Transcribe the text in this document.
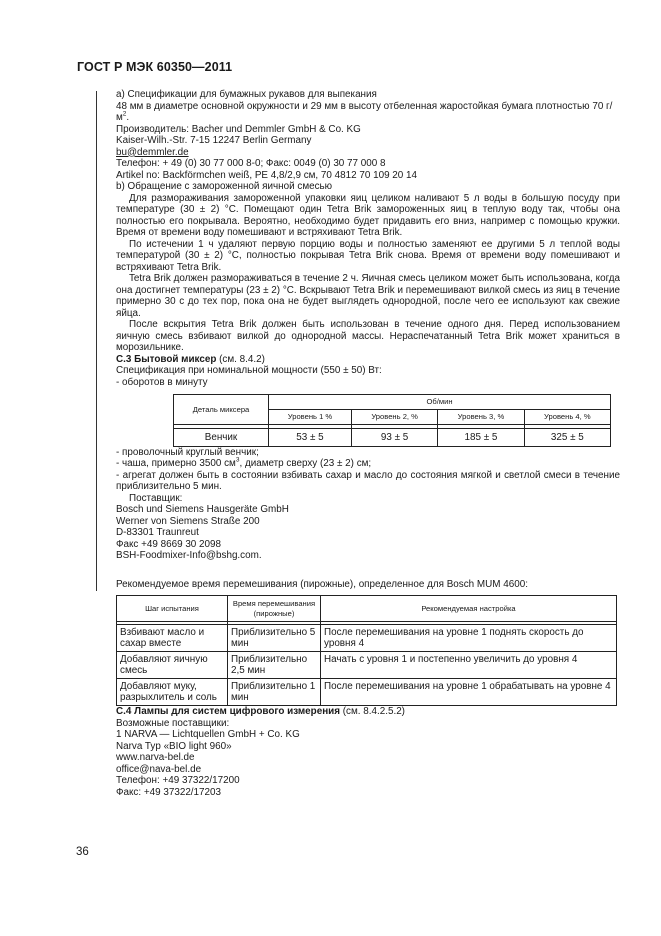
ГОСТ Р МЭК 60350—2011

а) Спецификации для бумажных рукавов для выпекания

48 мм в диаметре основной окружности и 29 мм в высоту отбеленная жаростойкая бумага плотностью 70 $г/м^2$.

Производитель: Bacher und Demmler GmbH & Co. KG

Kaiser-Wilh.-Str. 7-15 12247 Berlin Germany

bu@demmler.de

Телефон: + 49 (0) 30 77 000 8-0; Факс: 0049 (0) 30 77 000 8

Artikel no: Backförmchen weiß, PE 4,8/2,9 см, 70 4812 70 109 20 14

b) Обращение с замороженной яичной смесью

Для размораживания замороженной упаковки яиц целиком наливают 5 л воды в большую посуду при температуре (30 ± 2) °С. Помещают один Tetra Brik замороженных яиц в теплую воду так, чтобы она полностью его покрывала. Вероятно, необходимо будет придавить его вниз, например с помощью кружки. Время от времени воду помешивают и встряхивают Tetra Brik.

По истечении 1 ч удаляют первую порцию воды и полностью заменяют ее другими 5 л теплой воды температурой (30 ± 2) °С, полностью покрывая Tetra Brik снова. Время от времени воду помешивают и встряхивают Tetra Brik.

Tetra Brik должен размораживаться в течение 2 ч. Яичная смесь целиком может быть использована, когда она достигнет температуры (23 ± 2) °С. Вскрывают Tetra Brik и перемешивают вилкой смесь из яиц в течение примерно 30 с до тех пор, пока она не будет выглядеть однородной, после чего ее используют как свежие яйца.

После вскрытия Tetra Brik должен быть использован в течение одного дня. Перед использованием яичную смесь взбивают вилкой до однородной массы. Нераспечатанный Tetra Brik может храниться в морозильнике.

С.3 Бытовой миксер (см. 8.4.2)

Спецификация при номинальной мощности (550 ± 50) Вт:

- оборотов в минуту

Деталь миксера	Об/мин			
	Уровень 1 %	Уровень 2, %	Уровень 3, %	Уровень 4, %

Венчик	53 ± 5	93 ± 5	185 ± 5	325 ± 5

- проволочный круглый венчик;

- чаша, примерно 3500 $см^3$, диаметр сверху (23 ± 2) см;

- агрегат должен быть в состоянии взбивать сахар и масло до состояния мягкой и светлой смеси в течение приблизительно 5 мин.

Поставщик:

Bosch und Siemens Hausgeräte GmbH

Werner von Siemens Straße 200

D-83301 Traunreut

Факс +49 8669 30 2098

BSH-Foodmixer-Info@bshg.com.

Рекомендуемое время перемешивания (пирожные), определенное для Bosch MUM 4600:

Шаг испытания	Время перемешивания (пирожные)	Рекомендуемая настройка

Взбивают масло и сахар вместе	Приблизительно 5 мин	После перемешивания на уровне 1 поднять скорость до уровня 4
Добавляют яичную смесь	Приблизительно 2,5 мин	Начать с уровня 1 и постепенно увеличить до уровня 4
Добавляют муку, разрыхлитель и соль	Приблизительно 1 мин	После перемешивания на уровне 1 обрабатывать на уровне 4

С.4 Лампы для систем цифрового измерения (см. 8.4.2.5.2)

Возможные поставщики:

1 NARVA — Lichtquellen GmbH + Co. KG

Narva Typ «BIO light 960»

www.narva-bel.de

office@nava-bel.de

Телефон: +49 37322/17200

Факс: +49 37322/17203

36
